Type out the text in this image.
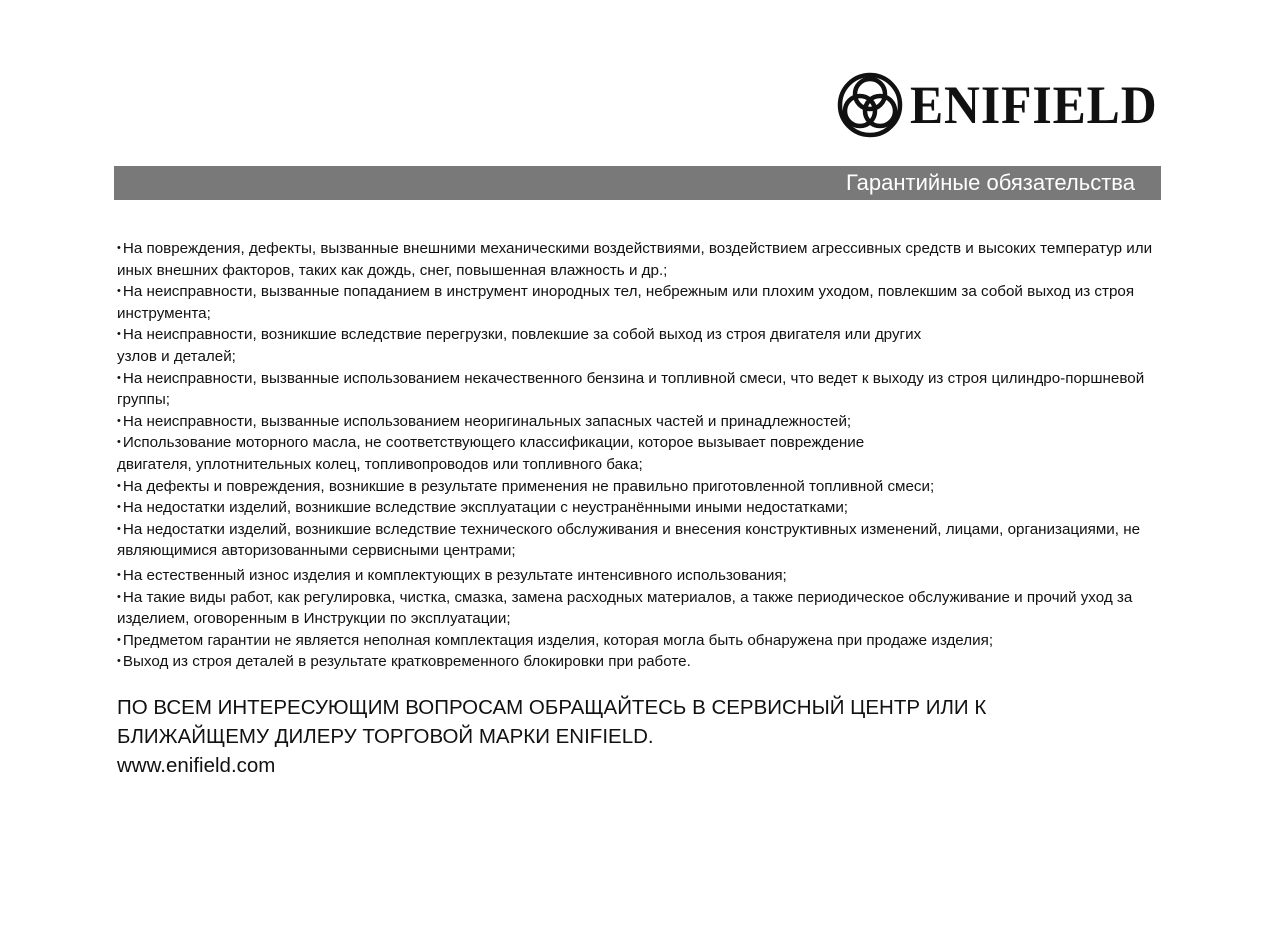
ENIFIELD
Гарантийные обязательства

• На повреждения, дефекты, вызванные внешними механическими воздействиями, воздействием агрессивных средств и высоких температур или иных внешних факторов, таких как дождь, снег, повышенная влажность и др.;

• На неисправности, вызванные попаданием в инструмент инородных тел, небрежным или плохим уходом, повлекшим за собой выход из строя инструмента;

• На неисправности, возникшие вследствие перегрузки, повлекшие за собой выход из строя двигателя или других
узлов и деталей;

• На неисправности, вызванные использованием некачественного бензина и топливной смеси, что ведет к выходу из строя цилиндро-поршневой группы;

• На неисправности, вызванные использованием неоригинальных запасных частей и принадлежностей;

• Использование моторного масла, не соответствующего классификации, которое вызывает повреждение
двигателя, уплотнительных колец, топливопроводов или топливного бака;

• На дефекты и повреждения, возникшие в результате применения не правильно приготовленной топливной смеси;

• На недостатки изделий, возникшие вследствие эксплуатации с неустранёнными иными недостатками;

• На недостатки изделий, возникшие вследствие технического обслуживания и внесения конструктивных изменений, лицами, организациями, не являющимися авторизованными сервисными центрами;

• На естественный износ изделия и комплектующих в результате интенсивного использования;

• На такие виды работ, как регулировка, чистка, смазка, замена расходных материалов, а также периодическое обслуживание и прочий уход за изделием, оговоренным в Инструкции по эксплуатации;

• Предметом гарантии не является неполная комплектация изделия, которая могла быть обнаружена при продаже изделия;

• Выход из строя деталей в результате кратковременного блокировки при работе.

ПО ВСЕМ ИНТЕРЕСУЮЩИМ ВОПРОСАМ ОБРАЩАЙТЕСЬ В СЕРВИСНЫЙ ЦЕНТР ИЛИ К
БЛИЖАЙЩЕМУ ДИЛЕРУ ТОРГОВОЙ МАРКИ ENIFIELD.
www.enifield.com
